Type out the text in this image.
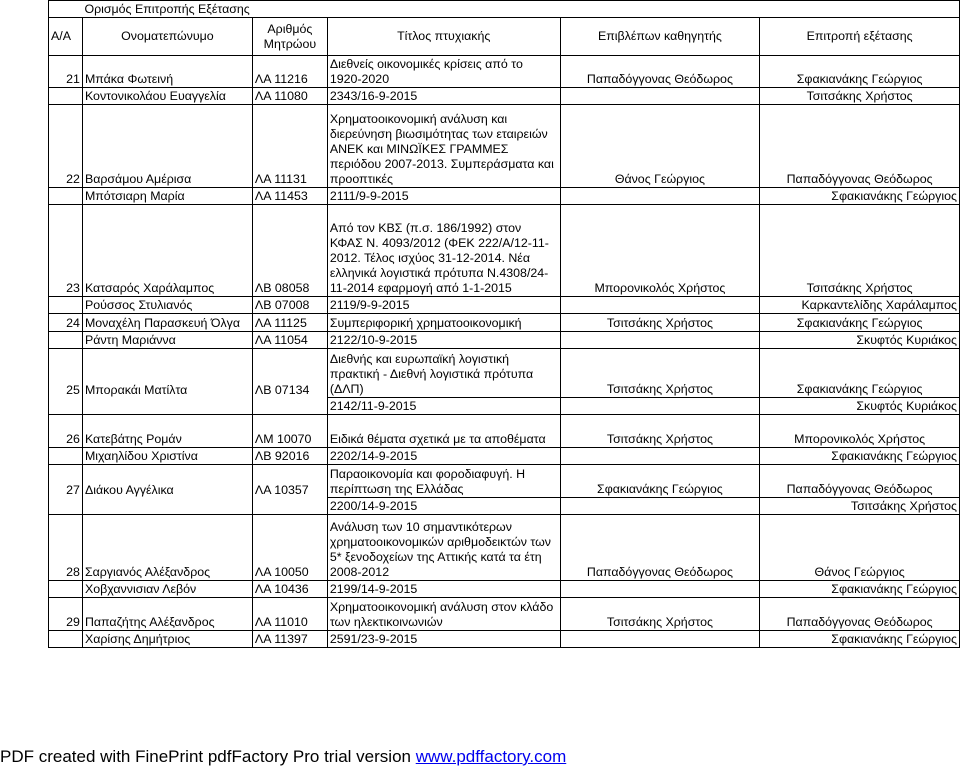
	Ορισμός Επιτροπής Εξέτασης				
Α/Α	Ονοματεπώνυμο	Αριθμός Μητρώου	Τίτλος πτυχιακής	Επιβλέπων καθηγητής	Επιτροπή εξέτασης
21	Μπάκα Φωτεινή	ΛΑ 11216	Διεθνείς οικονομικές κρίσεις από το 1920-2020	Παπαδόγγονας Θεόδωρος	Σφακιανάκης Γεώργιος
	Κοντονικολάου Ευαγγελία	ΛΑ 11080	2343/16-9-2015		Τσιτσάκης Χρήστος
22	Βαρσάμου Αμέρισα	ΛΑ 11131	Χρηματοοικονομική ανάλυση και διερεύνηση βιωσιμότητας των εταιρειών ΑΝΕΚ και ΜΙΝΩΪΚΕΣ ΓΡΑΜΜΕΣ περιόδου 2007-2013. Συμπεράσματα και προοπτικές	Θάνος Γεώργιος	Παπαδόγγονας Θεόδωρος
	Μπότσιαρη Μαρία	ΛΑ 11453	2111/9-9-2015		Σφακιανάκης Γεώργιος
23	Κατσαρός Χαράλαμπος	ΛΒ 08058	Από τον ΚΒΣ (π.σ. 186/1992) στον ΚΦΑΣ Ν. 4093/2012 (ΦΕΚ 222/Α/12-11-2012. Τέλος ισχύος 31-12-2014. Νέα ελληνικά λογιστικά πρότυπα Ν.4308/24-11-2014 εφαρμογή από 1-1-2015	Μπορονικολός Χρήστος	Τσιτσάκης Χρήστος
	Ρούσσος Στυλιανός	ΛΒ 07008	2119/9-9-2015		Καρκαντελίδης Χαράλαμπος
24	Μοναχέλη Παρασκευή Όλγα	ΛΑ 11125	Συμπεριφορική χρηματοοικονομική	Τσιτσάκης Χρήστος	Σφακιανάκης Γεώργιος
	Ράντη Μαριάννα	ΛΑ 11054	2122/10-9-2015		Σκυφτός Κυριάκος
25	Μπορακάι Ματίλτα	ΛΒ 07134	Διεθνής και ευρωπαϊκή λογιστική πρακτική - Διεθνή λογιστικά πρότυπα (ΔΛΠ)	Τσιτσάκης Χρήστος	Σφακιανάκης Γεώργιος
			2142/11-9-2015		Σκυφτός Κυριάκος
26	Κατεβάτης Ρομάν	ΛΜ 10070	Ειδικά θέματα σχετικά με τα αποθέματα	Τσιτσάκης Χρήστος	Μπορονικολός Χρήστος
	Μιχαηλίδου Χριστίνα	ΛΒ 92016	2202/14-9-2015		Σφακιανάκης Γεώργιος
27	Διάκου Αγγέλικα	ΛΑ 10357	Παραοικονομία και φοροδιαφυγή. Η περίπτωση της Ελλάδας	Σφακιανάκης Γεώργιος	Παπαδόγγονας Θεόδωρος
			2200/14-9-2015		Τσιτσάκης Χρήστος
28	Σαργιανός Αλέξανδρος	ΛΑ 10050	Ανάλυση των 10 σημαντικότερων χρηματοοικονομικών αριθμοδεικτών των 5* ξενοδοχείων της Αττικής κατά τα έτη 2008-2012	Παπαδόγγονας Θεόδωρος	Θάνος Γεώργιος
	Χοβχαννισιαν Λεβόν	ΛΑ 10436	2199/14-9-2015		Σφακιανάκης Γεώργιος
29	Παπαζήτης Αλέξανδρος	ΛΑ 11010	Χρηματοοικονομική ανάλυση στον κλάδο των ηλεκτικοινωνιών	Τσιτσάκης Χρήστος	Παπαδόγγονας Θεόδωρος
	Χαρίσης Δημήτριος	ΛΑ 11397	2591/23-9-2015		Σφακιανάκης Γεώργιος
PDF created with FinePrint pdfFactory Pro trial version www.pdffactory.com
